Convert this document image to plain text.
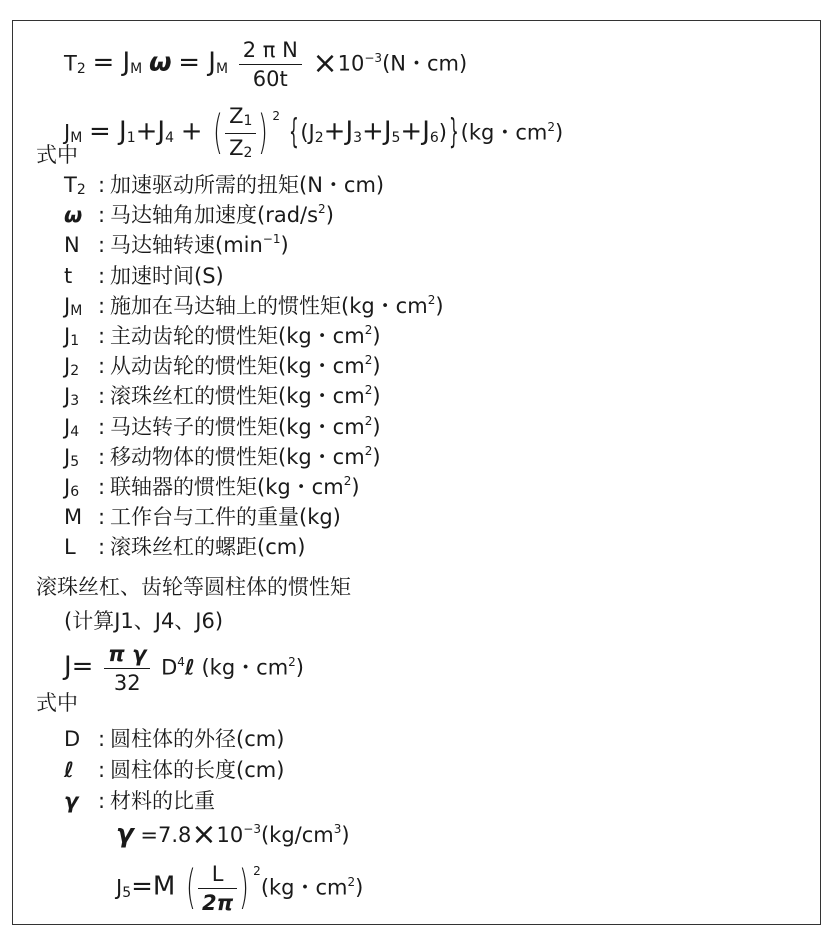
T2 = JM ω = JM $\frac{\text{2 π N}}{60t} \times 10^{-3}(N$・cm)
JM = J1+J4 + ( $\frac{Z1}{Z2}$ ) $^2$ {(J2+J3+J5+J6)}(kg・$cm^2$)
式中
T2 : 加速驱动所需的扭矩(N・cm)
ω : 马达轴角加速度$(rad/s^2)$
N : 马达轴转速$(\min^{-1})$
t : 加速时间(S)
JM : 施加在马达轴上的惯性矩(kg・$cm^2$)
J1 : 主动齿轮的惯性矩(kg・$cm^2$)
J2 : 从动齿轮的惯性矩(kg・$cm^2$)
J3 : 滚珠丝杠的惯性矩(kg・$cm^2$)
J4 : 马达转子的惯性矩(kg・$cm^2$)
J5 : 移动物体的惯性矩(kg・$cm^2$)
J6 : 联轴器的惯性矩(kg・$cm^2$)
M : 工作台与工件的重量(kg)
L : 滚珠丝杠的螺距(cm)
滚珠丝杠、齿轮等圆柱体的惯性矩
(计算J1、J4、J6)
$J= \frac{\text{π γ}}{32}$ $D^4\ell$ (kg・$cm^2$)
式中
D : 圆柱体的外径(cm)
ℓ : 圆柱体的长度(cm)
γ : 材料的比重
$\gamma =7.8\times 10^{-3}(kg/cm^3)$
J5=M ( $\frac{L}{2\pi}$ ) $^2$(kg・$cm^2$)
